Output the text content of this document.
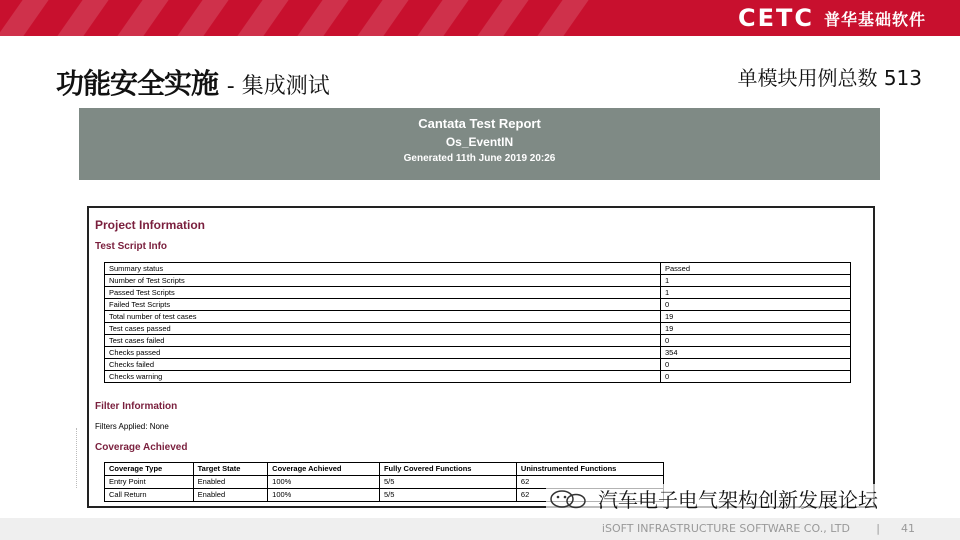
CETC 普华基础软件
功能安全实施 - 集成测试	单模块用例总数 513
Cantata Test Report
Os_EventIN
Generated 11th June 2019 20:26
Project Information
Test Script Info
Summary status	Passed
Number of Test Scripts	1
Passed Test Scripts	1
Failed Test Scripts	0
Total number of test cases	19
Test cases passed	19
Test cases failed	0
Checks passed	354
Checks failed	0
Checks warning	0
Filter Information
Filters Applied: None
Coverage Achieved
Coverage Type	Target State	Coverage Achieved	Fully Covered Functions	Uninstrumented Functions
Entry Point	Enabled	100%	5/5	62
Call Return	Enabled	100%	5/5	62	汽车电子电气架构创新发展论坛
iSOFT INFRASTRUCTURE SOFTWARE CO., LTD | 41
